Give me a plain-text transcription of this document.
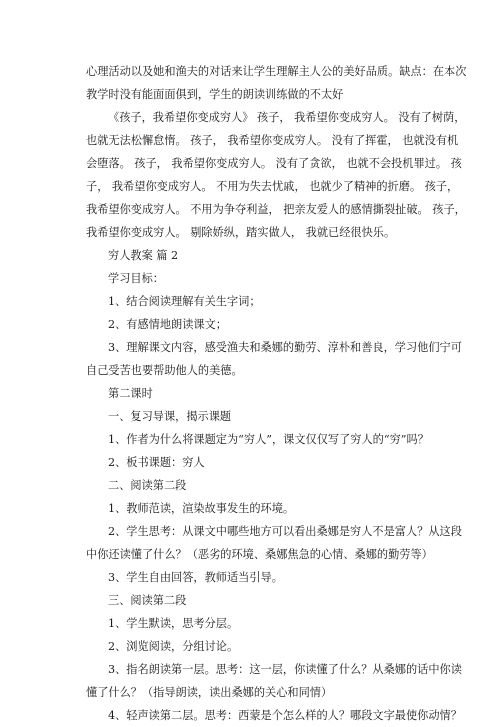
心理活动以及她和渔夫的对话来让学生理解主人公的美好品质。缺点：在本次
教学时没有能面面俱到，学生的朗读训练做的不太好
《孩子，我希望你变成穷人》 孩子， 我希望你变成穷人。 没有了树荫，
也就无法松懈怠惰。 孩子， 我希望你变成穷人。 没有了挥霍， 也就没有机
会堕落。 孩子， 我希望你变成穷人。 没有了贪欲， 也就不会投机罪过。 孩
子， 我希望你变成穷人。 不用为失去忧戚， 也就少了精神的折磨。 孩子，
我希望你变成穷人。 不用为争夺利益， 把亲友爱人的感情撕裂扯破。 孩子，
我希望你变成穷人。 剔除娇纵，踏实做人， 我就已经很快乐。
穷人教案 篇 2
学习目标：
1、结合阅读理解有关生字词；
2、有感情地朗读课文；
3、理解课文内容，感受渔夫和桑娜的勤劳、淳朴和善良，学习他们宁可
自己受苦也要帮助他人的美德。
第二课时
一、复习导课，揭示课题
1、作者为什么将课题定为“穷人”，课文仅仅写了穷人的“穷”吗？
2、板书课题：穷人
二、阅读第二段
1、教师范读，渲染故事发生的环境。
2、学生思考：从课文中哪些地方可以看出桑娜是穷人不是富人？从这段
中你还读懂了什么？（恶劣的环境、桑娜焦急的心情、桑娜的勤劳等）
3、学生自由回答，教师适当引导。
三、阅读第二段
1、学生默读，思考分层。
2、浏览阅读，分组讨论。
3、指名朗读第一层。思考：这一层，你读懂了什么？从桑娜的话中你读
懂了什么？（指导朗读，读出桑娜的关心和同情）
4、轻声读第二层。思考：西蒙是个怎么样的人？哪段文字最使你动情？
